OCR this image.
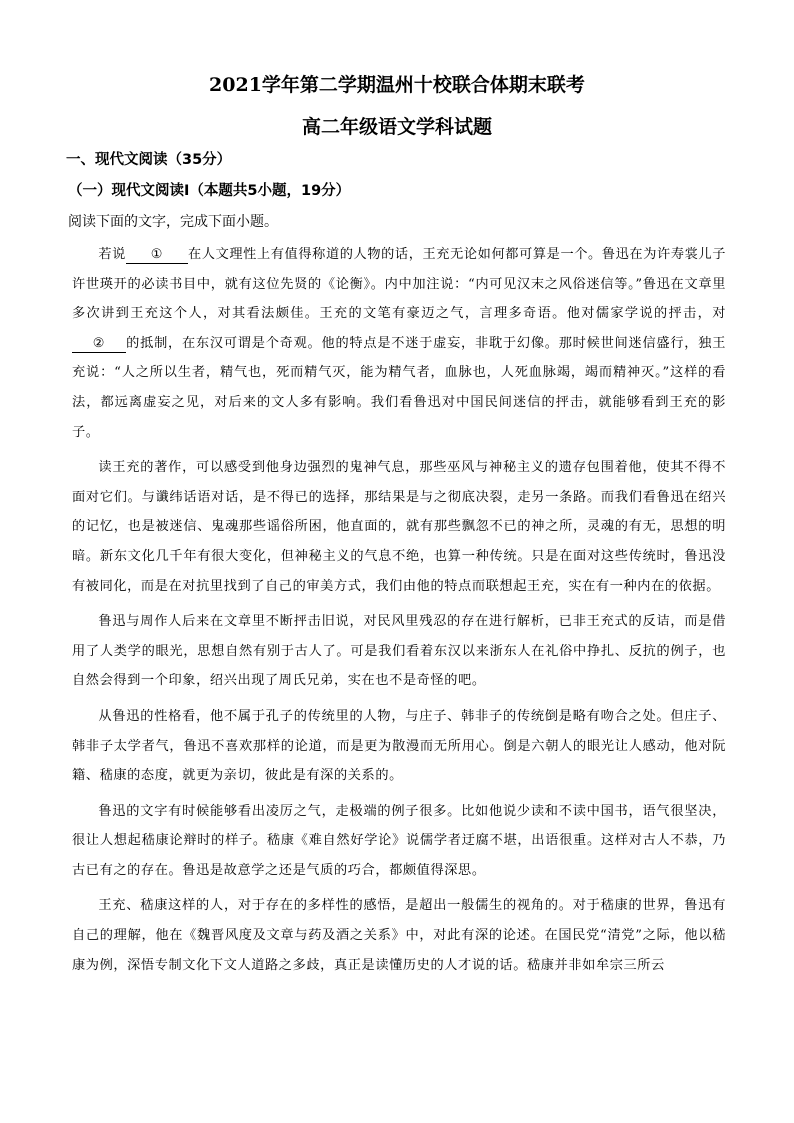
2021学年第二学期温州十校联合体期末联考
高二年级语文学科试题
一、现代文阅读（35分）
（一）现代文阅读Ⅰ（本题共5小题，19分）
阅读下面的文字，完成下面小题。

若说 ① 在人文理性上有值得称道的人物的话，王充无论如何都可算是一个。鲁迅在为许寿裳儿子许世瑛开的必读书目中，就有这位先贤的《论衡》。内中加注说：“内可见汉末之风俗迷信等。”鲁迅在文章里多次讲到王充这个人，对其看法颇佳。王充的文笔有豪迈之气，言理多奇语。他对儒家学说的抨击，对② 的抵制，在东汉可谓是个奇观。他的特点是不迷于虚妄，非耽于幻像。那时候世间迷信盛行，独王充说：“人之所以生者，精气也，死而精气灭，能为精气者，血脉也，人死血脉竭，竭而精神灭。”这样的看法，都远离虚妄之见，对后来的文人多有影响。我们看鲁迅对中国民间迷信的抨击，就能够看到王充的影子。

读王充的著作，可以感受到他身边强烈的鬼神气息，那些巫风与神秘主义的遗存包围着他，使其不得不面对它们。与谶纬话语对话，是不得已的选择，那结果是与之彻底决裂，走另一条路。而我们看鲁迅在绍兴的记忆，也是被迷信、鬼魂那些谣俗所困，他直面的，就有那些飘忽不已的神之所，灵魂的有无，思想的明暗。新东文化几千年有很大变化，但神秘主义的气息不绝，也算一种传统。只是在面对这些传统时，鲁迅没有被同化，而是在对抗里找到了自己的审美方式，我们由他的特点而联想起王充，实在有一种内在的依据。

鲁迅与周作人后来在文章里不断抨击旧说，对民风里残忍的存在进行解析，已非王充式的反诘，而是借用了人类学的眼光，思想自然有别于古人了。可是我们看着东汉以来浙东人在礼俗中挣扎、反抗的例子，也自然会得到一个印象，绍兴出现了周氏兄弟，实在也不是奇怪的吧。

从鲁迅的性格看，他不属于孔子的传统里的人物，与庄子、韩非子的传统倒是略有吻合之处。但庄子、韩非子太学者气，鲁迅不喜欢那样的论道，而是更为散漫而无所用心。倒是六朝人的眼光让人感动，他对阮籍、嵇康的态度，就更为亲切，彼此是有深的关系的。

鲁迅的文字有时候能够看出凌厉之气，走极端的例子很多。比如他说少读和不读中国书，语气很坚决，很让人想起嵇康论辩时的样子。嵇康《难自然好学论》说儒学者迂腐不堪，出语很重。这样对古人不恭，乃古已有之的存在。鲁迅是故意学之还是气质的巧合，都颇值得深思。

王充、嵇康这样的人，对于存在的多样性的感悟，是超出一般儒生的视角的。对于嵇康的世界，鲁迅有自己的理解，他在《魏晋风度及文章与药及酒之关系》中，对此有深的论述。在国民党“清党”之际，他以嵇康为例，深悟专制文化下文人道路之多歧，真正是读懂历史的人才说的话。嵇康并非如牟宗三所云
